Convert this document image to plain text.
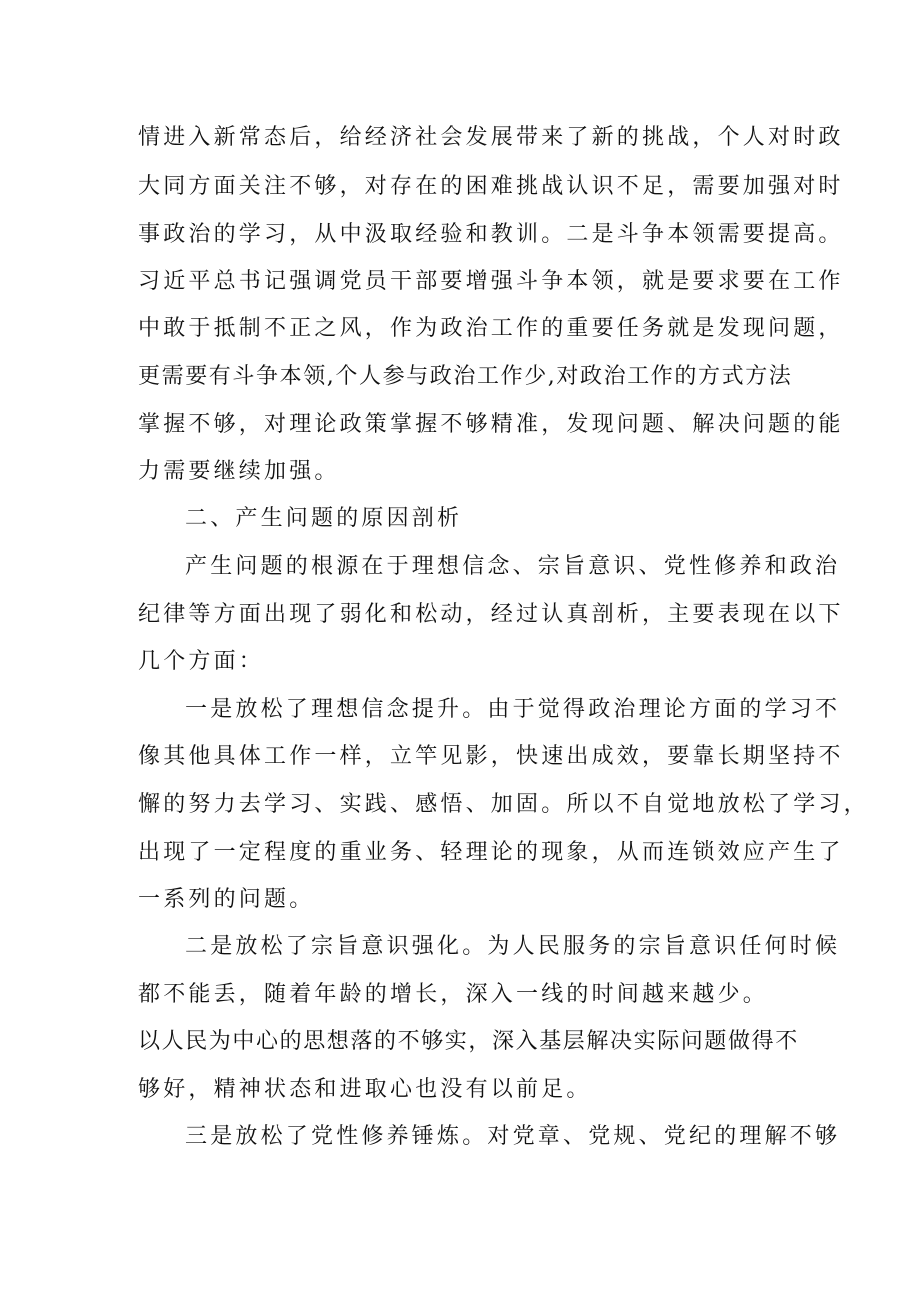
情进入新常态后，给经济社会发展带来了新的挑战，个人对时政
大同方面关注不够，对存在的困难挑战认识不足，需要加强对时
事政治的学习，从中汲取经验和教训。二是斗争本领需要提高。
习近平总书记强调党员干部要增强斗争本领，就是要求要在工作
中敢于抵制不正之风，作为政治工作的重要任务就是发现问题，
更需要有斗争本领,个人参与政治工作少,对政治工作的方式方法
掌握不够，对理论政策掌握不够精准，发现问题、解决问题的能
力需要继续加强。
二、产生问题的原因剖析
产生问题的根源在于理想信念、宗旨意识、党性修养和政治
纪律等方面出现了弱化和松动，经过认真剖析，主要表现在以下
几个方面：
一是放松了理想信念提升。由于觉得政治理论方面的学习不
像其他具体工作一样，立竿见影，快速出成效，要靠长期坚持不
懈的努力去学习、实践、感悟、加固。所以不自觉地放松了学习，
出现了一定程度的重业务、轻理论的现象，从而连锁效应产生了
一系列的问题。
二是放松了宗旨意识强化。为人民服务的宗旨意识任何时候
都不能丢，随着年龄的增长，深入一线的时间越来越少。
以人民为中心的思想落的不够实，深入基层解决实际问题做得不
够好，精神状态和进取心也没有以前足。
三是放松了党性修养锤炼。对党章、党规、党纪的理解不够
